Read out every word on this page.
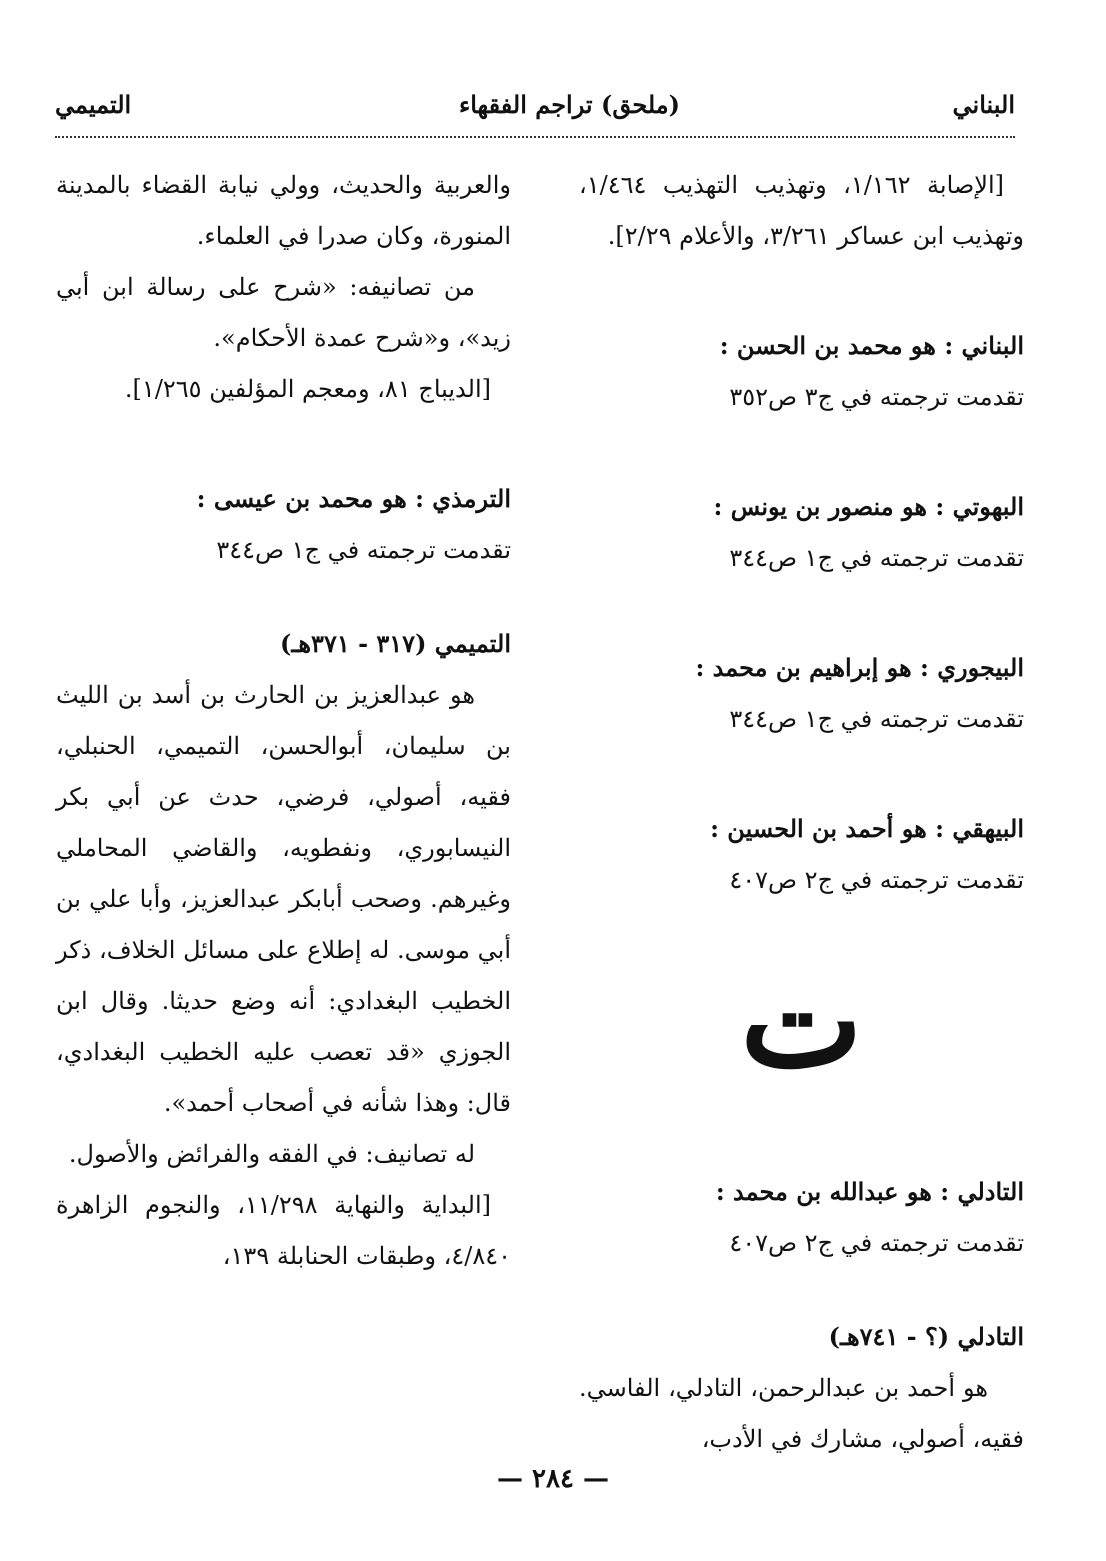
البناني
(ملحق) تراجم الفقهاء
التميمي

[الإصابة ١/١٦٢، وتهذيب التهذيب ١/٤٦٤، وتهذيب ابن عساكر ٣/٢٦١، والأعلام ٢/٢٩].

البناني : هو محمد بن الحسن :

تقدمت ترجمته في ج٣ ص٣٥٢

البهوتي : هو منصور بن يونس :

تقدمت ترجمته في ج١ ص٣٤٤

البيجوري : هو إبراهيم بن محمد :

تقدمت ترجمته في ج١ ص٣٤٤

البيهقي : هو أحمد بن الحسين :

تقدمت ترجمته في ج٢ ص٤٠٧

ت

التادلي : هو عبدالله بن محمد :

تقدمت ترجمته في ج٢ ص٤٠٧

التادلي (؟ - ٧٤١هـ)

هو أحمد بن عبدالرحمن، التادلي، الفاسي. فقيه، أصولي، مشارك في الأدب،

والعربية والحديث، وولي نيابة القضاء بالمدينة المنورة، وكان صدرا في العلماء.

من تصانيفه: «شرح على رسالة ابن أبي زيد»، و«شرح عمدة الأحكام».

[الديباج ٨١، ومعجم المؤلفين ١/٢٦٥].

الترمذي : هو محمد بن عيسى :

تقدمت ترجمته في ج١ ص٣٤٤

التميمي (٣١٧ - ٣٧١هـ)

هو عبدالعزيز بن الحارث بن أسد بن الليث بن سليمان، أبوالحسن، التميمي، الحنبلي، فقيه، أصولي، فرضي، حدث عن أبي بكر النيسابوري، ونفطويه، والقاضي المحاملي وغيرهم. وصحب أبابكر عبدالعزيز، وأبا علي بن أبي موسى. له إطلاع على مسائل الخلاف، ذكر الخطيب البغدادي: أنه وضع حديثا. وقال ابن الجوزي «قد تعصب عليه الخطيب البغدادي، قال: وهذا شأنه في أصحاب أحمد».

له تصانيف: في الفقه والفرائض والأصول.

[البداية والنهاية ١١/٢٩٨، والنجوم الزاهرة ٤/٨٤٠، وطبقات الحنابلة ١٣٩،

— ٢٨٤ —
